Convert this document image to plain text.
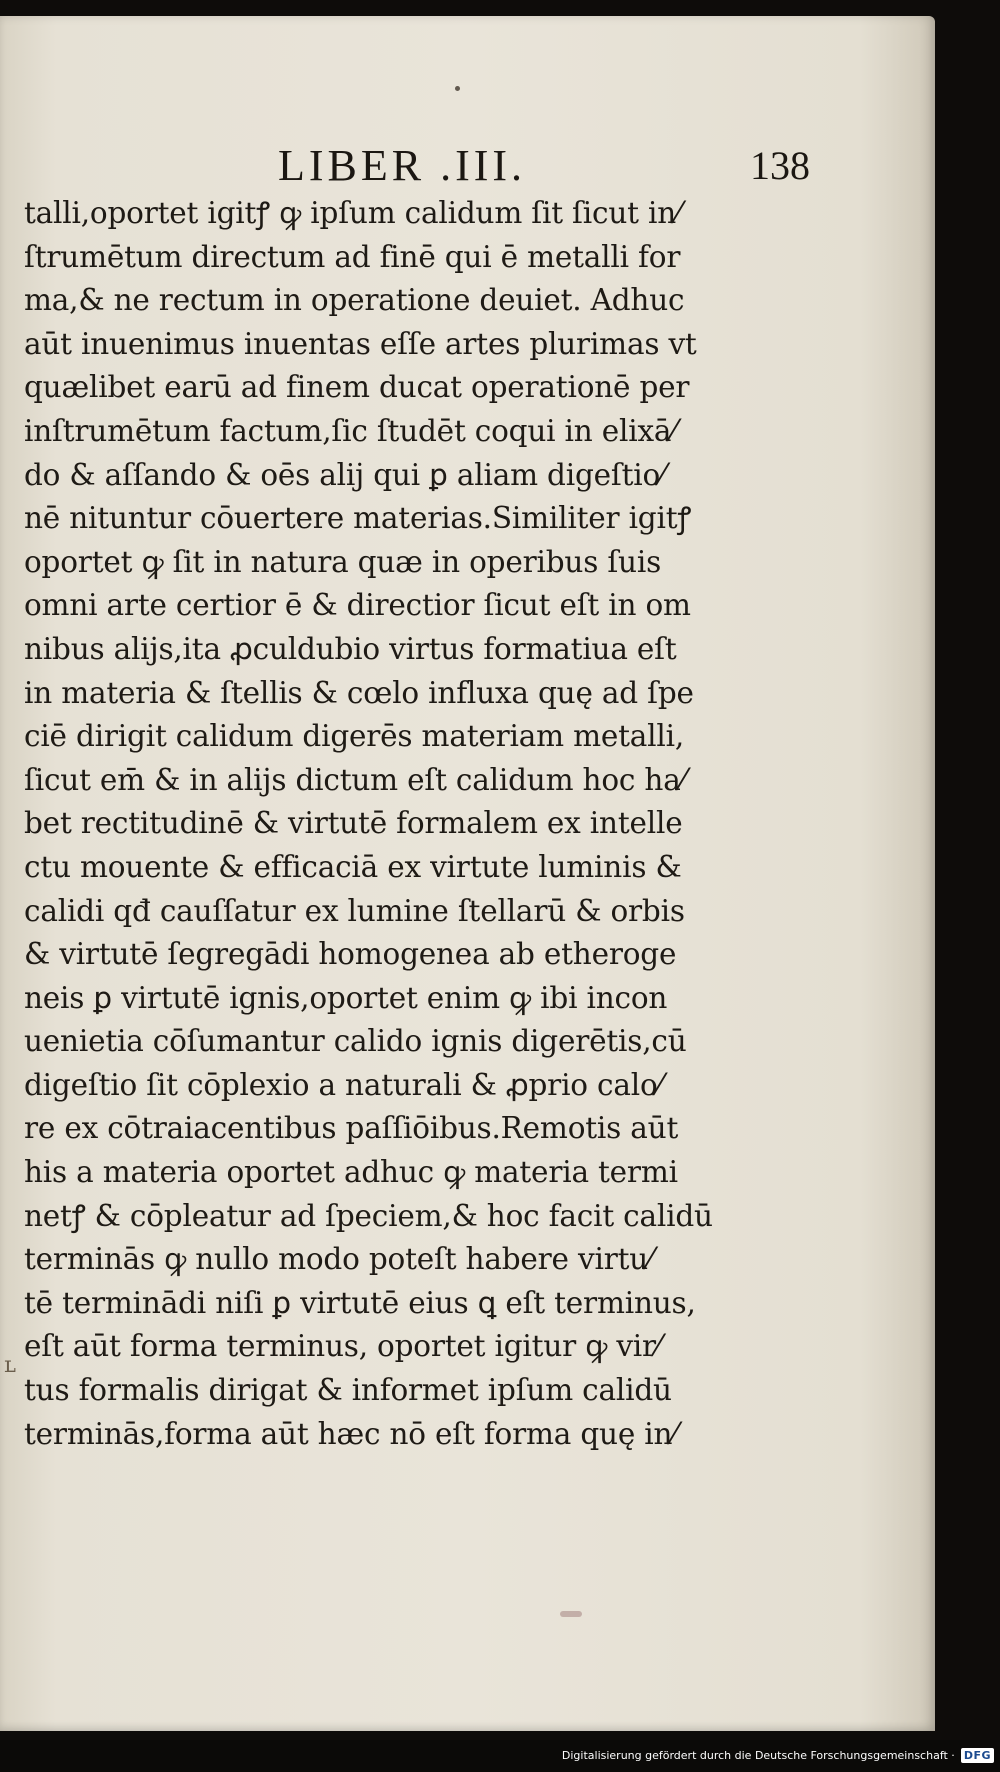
ʟ
LIBER .III.	138
talli,oportet igitꝭ ꝙ ipſum calidum ſit ſicut in⁄
ſtrumētum directum ad finē qui ē metalli for
ma,& ne rectum in operatione deuiet. Adhuc
aūt inuenimus inuentas eſſe artes plurimas vt
quælibet earū ad finem ducat operationē per
inſtrumētum factum,ſic ſtudēt coqui in elixā⁄
do & aſſando & oēs alij qui ꝑ aliam digeſtio⁄
nē nituntur cōuertere materias.Similiter igitꝭ
oportet ꝙ ſit in natura quæ in operibus ſuis
omni arte certior ē & directior ſicut eſt in om
nibus alijs,ita ꝓculdubio virtus formatiua eſt
in materia & ſtellis & cœlo influxa quę ad ſpe
ciē dirigit calidum digerēs materiam metalli,
ſicut em̄ & in alijs dictum eſt calidum hoc ha⁄
bet rectitudinē & virtutē formalem ex intelle
ctu mouente & efficaciā ex virtute luminis &
calidi qđ cauſſatur ex lumine ſtellarū & orbis
& virtutē ſegregādi homogenea ab etheroge
neis ꝑ virtutē ignis,oportet enim ꝙ ibi incon
uenietia cōſumantur calido ignis digerētis,cū
digeſtio ſit cōplexio a naturali & ꝓprio calo⁄
re ex cōtraiacentibus paſſiōibus.Remotis aūt
his a materia oportet adhuc ꝙ materia termi
netꝭ & cōpleatur ad ſpeciem,& hoc facit calidū
terminās ꝙ nullo modo poteſt habere virtu⁄
tē terminādi niſi ꝑ virtutē eius ꝗ eſt terminus,
eſt aūt forma terminus, oportet igitur ꝙ vir⁄
tus formalis dirigat & informet ipſum calidū
terminās,forma aūt hæc nō eſt forma quę in⁄
Digitalisierung gefördert durch die Deutsche Forschungsgemeinschaft · DFG
